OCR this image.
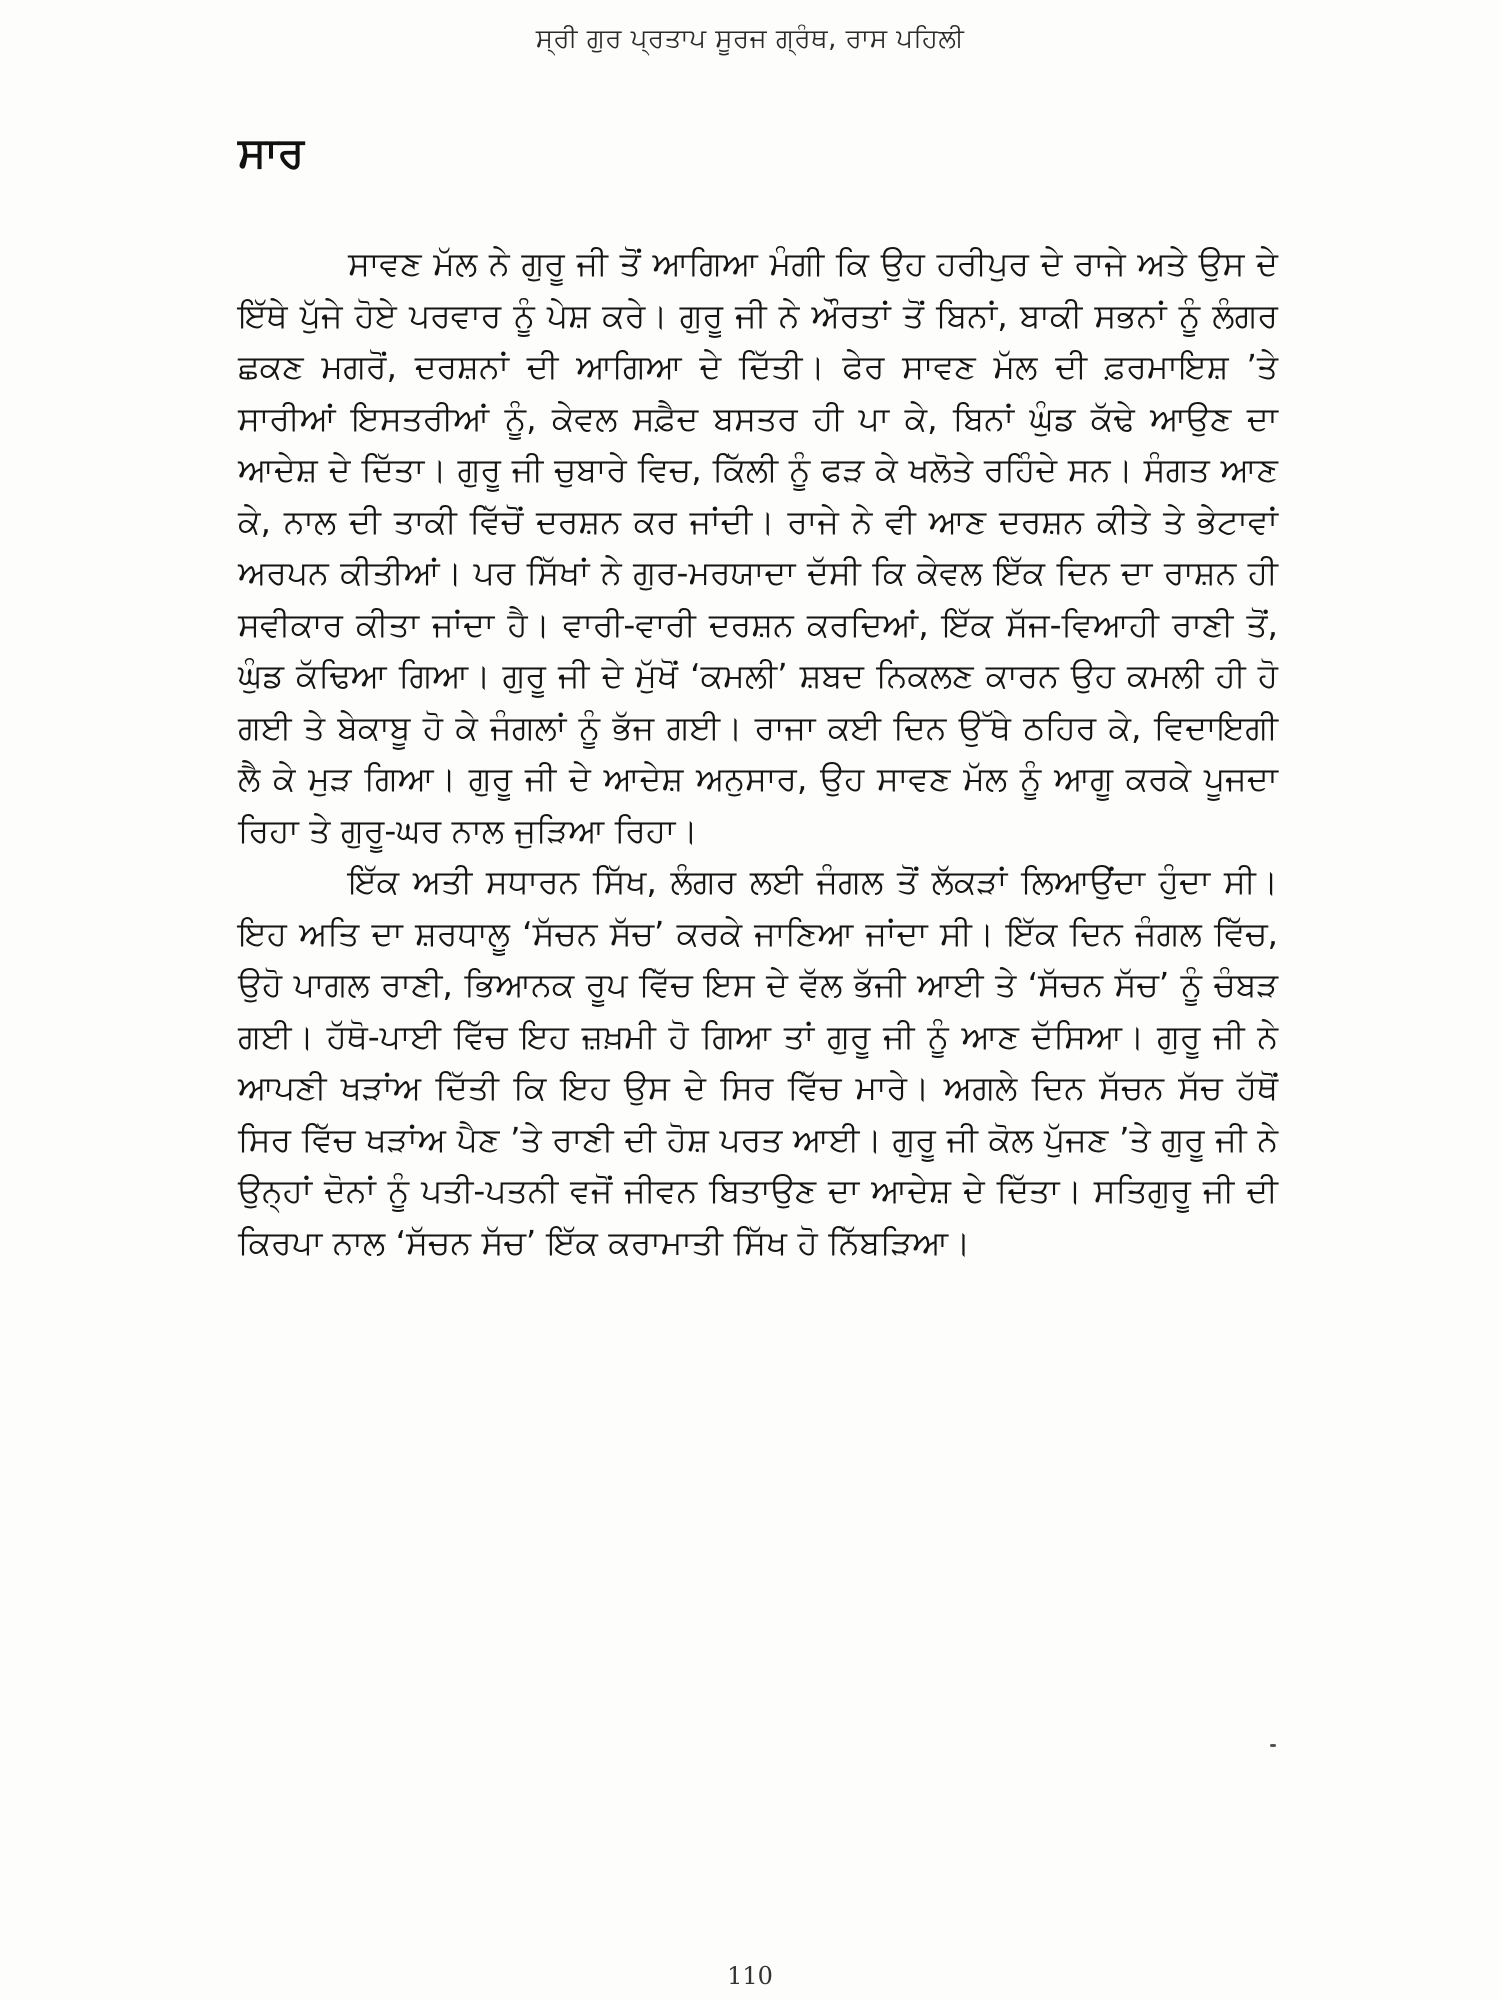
ਸ੍ਰੀ ਗੁਰ ਪ੍ਰਤਾਪ ਸੂਰਜ ਗ੍ਰੰਥ, ਰਾਸ ਪਹਿਲੀ
ਸਾਰ

ਸਾਵਣ ਮੱਲ ਨੇ ਗੁਰੂ ਜੀ ਤੋਂ ਆਗਿਆ ਮੰਗੀ ਕਿ ਉਹ ਹਰੀਪੁਰ ਦੇ ਰਾਜੇ ਅਤੇ ਉਸ ਦੇ ਇੱਥੇ ਪੁੱਜੇ ਹੋਏ ਪਰਵਾਰ ਨੂੰ ਪੇਸ਼ ਕਰੇ। ਗੁਰੂ ਜੀ ਨੇ ਔਰਤਾਂ ਤੋਂ ਬਿਨਾਂ, ਬਾਕੀ ਸਭਨਾਂ ਨੂੰ ਲੰਗਰ ਛਕਣ ਮਗਰੋਂ, ਦਰਸ਼ਨਾਂ ਦੀ ਆਗਿਆ ਦੇ ਦਿੱਤੀ। ਫੇਰ ਸਾਵਣ ਮੱਲ ਦੀ ਫ਼ਰਮਾਇਸ਼ ’ਤੇ ਸਾਰੀਆਂ ਇਸਤਰੀਆਂ ਨੂੰ, ਕੇਵਲ ਸਫ਼ੈਦ ਬਸਤਰ ਹੀ ਪਾ ਕੇ, ਬਿਨਾਂ ਘੁੰਡ ਕੱਢੇ ਆਉਣ ਦਾ ਆਦੇਸ਼ ਦੇ ਦਿੱਤਾ। ਗੁਰੂ ਜੀ ਚੁਬਾਰੇ ਵਿਚ, ਕਿੱਲੀ ਨੂੰ ਫੜ ਕੇ ਖਲੋਤੇ ਰਹਿੰਦੇ ਸਨ। ਸੰਗਤ ਆਣ ਕੇ, ਨਾਲ ਦੀ ਤਾਕੀ ਵਿੱਚੋਂ ਦਰਸ਼ਨ ਕਰ ਜਾਂਦੀ। ਰਾਜੇ ਨੇ ਵੀ ਆਣ ਦਰਸ਼ਨ ਕੀਤੇ ਤੇ ਭੇਟਾਵਾਂ ਅਰਪਨ ਕੀਤੀਆਂ। ਪਰ ਸਿੱਖਾਂ ਨੇ ਗੁਰ-ਮਰਯਾਦਾ ਦੱਸੀ ਕਿ ਕੇਵਲ ਇੱਕ ਦਿਨ ਦਾ ਰਾਸ਼ਨ ਹੀ ਸਵੀਕਾਰ ਕੀਤਾ ਜਾਂਦਾ ਹੈ। ਵਾਰੀ-ਵਾਰੀ ਦਰਸ਼ਨ ਕਰਦਿਆਂ, ਇੱਕ ਸੱਜ-ਵਿਆਹੀ ਰਾਣੀ ਤੋਂ, ਘੁੰਡ ਕੱਢਿਆ ਗਿਆ। ਗੁਰੂ ਜੀ ਦੇ ਮੁੱਖੋਂ ‘ਕਮਲੀ’ ਸ਼ਬਦ ਨਿਕਲਣ ਕਾਰਨ ਉਹ ਕਮਲੀ ਹੀ ਹੋ ਗਈ ਤੇ ਬੇਕਾਬੂ ਹੋ ਕੇ ਜੰਗਲਾਂ ਨੂੰ ਭੱਜ ਗਈ। ਰਾਜਾ ਕਈ ਦਿਨ ਉੱਥੇ ਠਹਿਰ ਕੇ, ਵਿਦਾਇਗੀ ਲੈ ਕੇ ਮੁੜ ਗਿਆ। ਗੁਰੂ ਜੀ ਦੇ ਆਦੇਸ਼ ਅਨੁਸਾਰ, ਉਹ ਸਾਵਣ ਮੱਲ ਨੂੰ ਆਗੂ ਕਰਕੇ ਪੂਜਦਾ ਰਿਹਾ ਤੇ ਗੁਰੂ-ਘਰ ਨਾਲ ਜੁੜਿਆ ਰਿਹਾ।

ਇੱਕ ਅਤੀ ਸਧਾਰਨ ਸਿੱਖ, ਲੰਗਰ ਲਈ ਜੰਗਲ ਤੋਂ ਲੱਕੜਾਂ ਲਿਆਉਂਦਾ ਹੁੰਦਾ ਸੀ। ਇਹ ਅਤਿ ਦਾ ਸ਼ਰਧਾਲੂ ‘ਸੱਚਨ ਸੱਚ’ ਕਰਕੇ ਜਾਣਿਆ ਜਾਂਦਾ ਸੀ। ਇੱਕ ਦਿਨ ਜੰਗਲ ਵਿੱਚ, ਉਹੋ ਪਾਗਲ ਰਾਣੀ, ਭਿਆਨਕ ਰੂਪ ਵਿੱਚ ਇਸ ਦੇ ਵੱਲ ਭੱਜੀ ਆਈ ਤੇ ‘ਸੱਚਨ ਸੱਚ’ ਨੂੰ ਚੰਬੜ ਗਈ। ਹੱਥੋ-ਪਾਈ ਵਿੱਚ ਇਹ ਜ਼ਖ਼ਮੀ ਹੋ ਗਿਆ ਤਾਂ ਗੁਰੂ ਜੀ ਨੂੰ ਆਣ ਦੱਸਿਆ। ਗੁਰੂ ਜੀ ਨੇ ਆਪਣੀ ਖੜਾਂਅ ਦਿੱਤੀ ਕਿ ਇਹ ਉਸ ਦੇ ਸਿਰ ਵਿੱਚ ਮਾਰੇ। ਅਗਲੇ ਦਿਨ ਸੱਚਨ ਸੱਚ ਹੱਥੋਂ ਸਿਰ ਵਿੱਚ ਖੜਾਂਅ ਪੈਣ ’ਤੇ ਰਾਣੀ ਦੀ ਹੋਸ਼ ਪਰਤ ਆਈ। ਗੁਰੂ ਜੀ ਕੋਲ ਪੁੱਜਣ ’ਤੇ ਗੁਰੂ ਜੀ ਨੇ ਉਨ੍ਹਾਂ ਦੋਨਾਂ ਨੂੰ ਪਤੀ-ਪਤਨੀ ਵਜੋਂ ਜੀਵਨ ਬਿਤਾਉਣ ਦਾ ਆਦੇਸ਼ ਦੇ ਦਿੱਤਾ। ਸਤਿਗੁਰੂ ਜੀ ਦੀ ਕਿਰਪਾ ਨਾਲ ‘ਸੱਚਨ ਸੱਚ’ ਇੱਕ ਕਰਾਮਾਤੀ ਸਿੱਖ ਹੋ ਨਿੱਬੜਿਆ।

110
